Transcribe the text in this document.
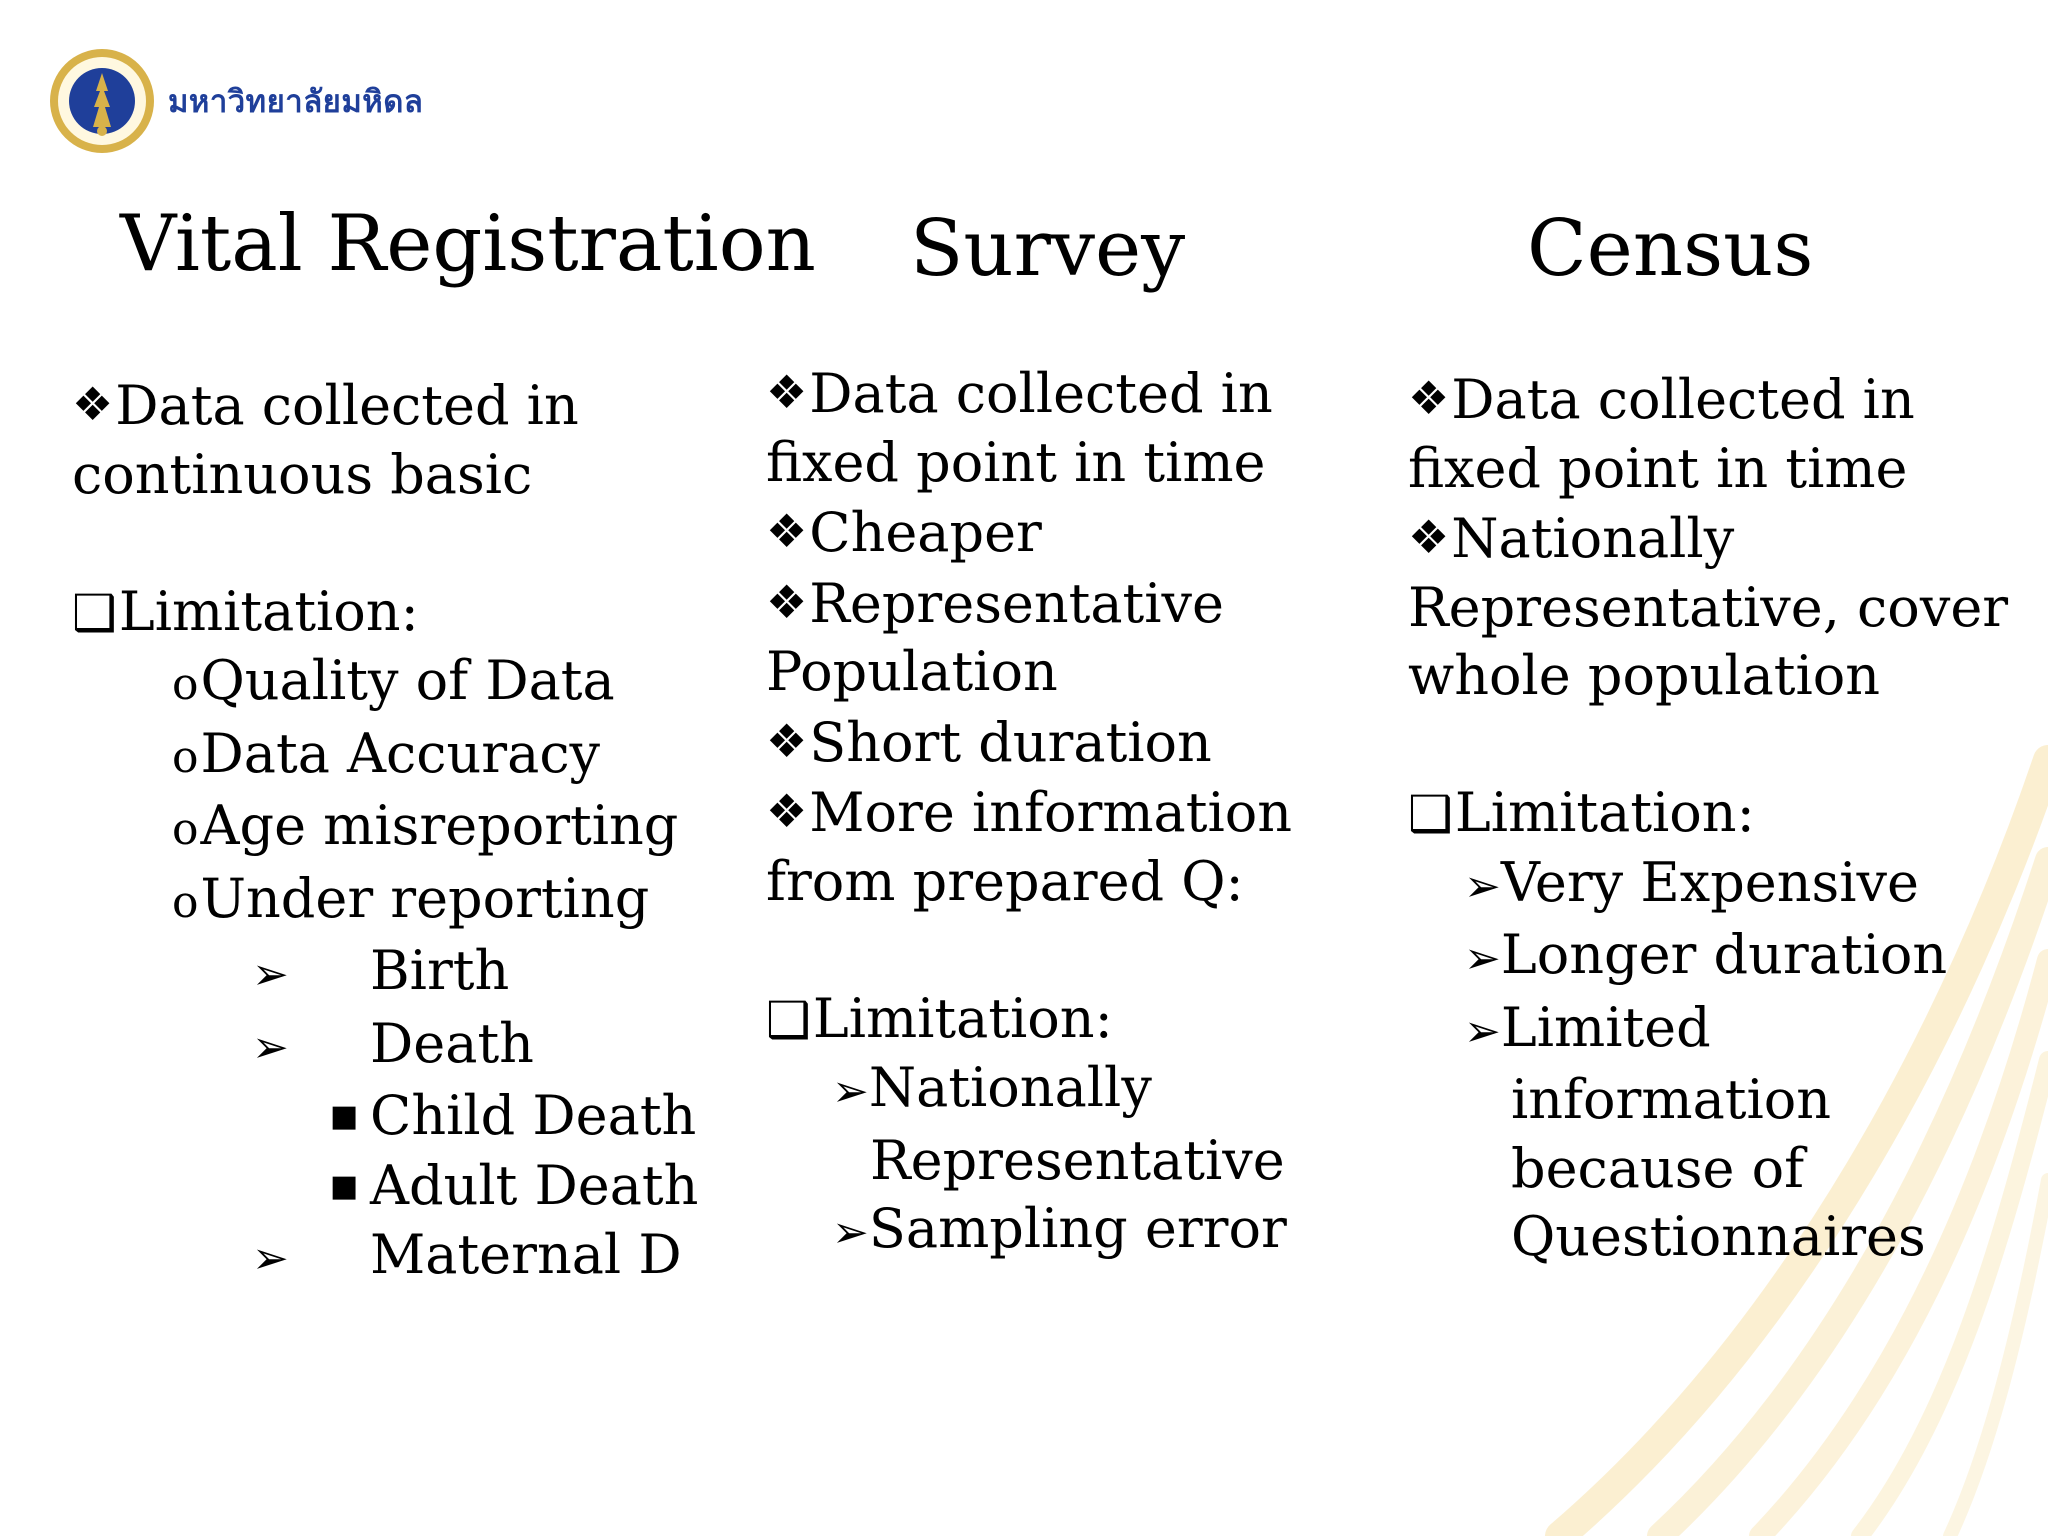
มหาวิทยาลัยมหิดล
Vital Registration Survey	Census
❖Data collected in
continuous basic
❑Limitation:
oQuality of Data
oData Accuracy
oAge misreporting
oUnder reporting
➢ Birth
➢ Death
■ Child Death
■ Adult Death
➢ Maternal D
❖Data collected in
fixed point in time
❖Cheaper
❖Representative
Population
❖Short duration
❖More information
from prepared Q:
❑Limitation:
➢Nationally
Representative
➢Sampling error
❖Data collected in
fixed point in time
❖Nationally
Representative, cover
whole population
❑Limitation:
➢Very Expensive
➢Longer duration
➢Limited
information
because of
Questionnaires
